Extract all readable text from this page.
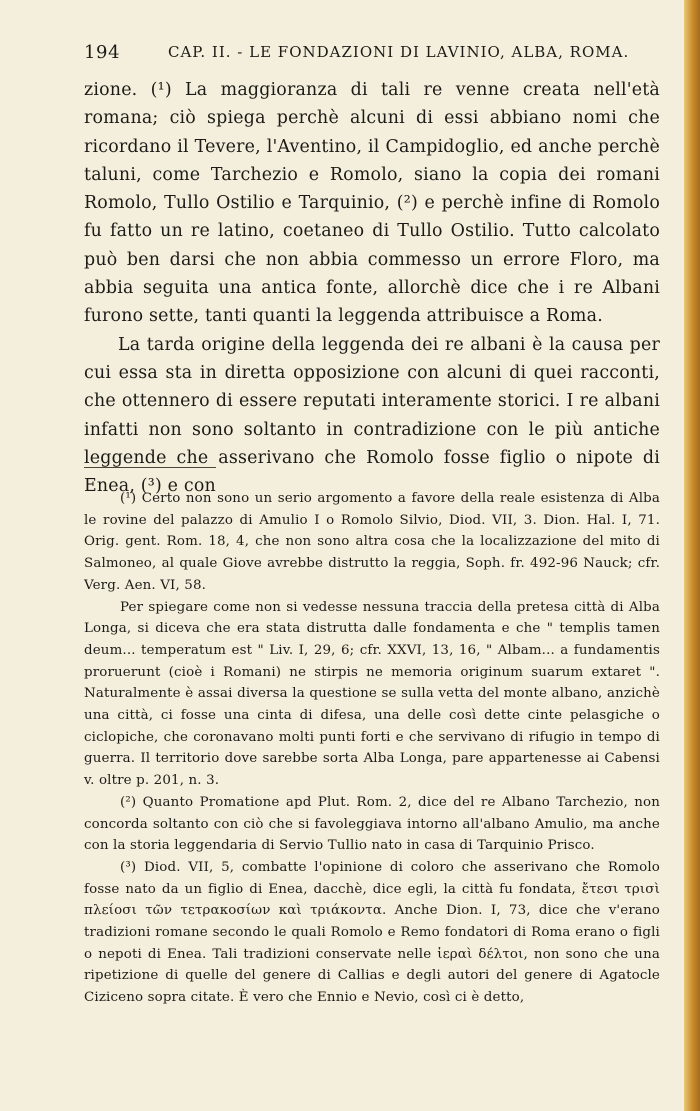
194	CAP. II. - LE FONDAZIONI DI LAVINIO, ALBA, ROMA.

zione. (¹) La maggioranza di tali re venne creata nell'età romana; ciò spiega perchè alcuni di essi abbiano nomi che ricordano il Tevere, l'Aventino, il Campidoglio, ed anche perchè taluni, come Tarchezio e Romolo, siano la copia dei romani Romolo, Tullo Ostilio e Tarquinio, (²) e perchè infine di Romolo fu fatto un re latino, coetaneo di Tullo Ostilio. Tutto calcolato può ben darsi che non abbia commesso un errore Floro, ma abbia seguita una antica fonte, allorchè dice che i re Albani furono sette, tanti quanti la leggenda attribuisce a Roma.

La tarda origine della leggenda dei re albani è la causa per cui essa sta in diretta opposizione con alcuni di quei racconti, che ottennero di essere reputati interamente storici. I re albani infatti non sono soltanto in contradizione con le più antiche leggende che asserivano che Romolo fosse figlio o nipote di Enea, (³) e con

(¹) Certo non sono un serio argomento a favore della reale esistenza di Alba le rovine del palazzo di Amulio I o Romolo Silvio, Diod. VII, 3. Dion. Hal. I, 71. Orig. gent. Rom. 18, 4, che non sono altra cosa che la localizzazione del mito di Salmoneo, al quale Giove avrebbe distrutto la reggia, Soph. fr. 492-96 Nauck; cfr. Verg. Aen. VI, 58.

Per spiegare come non si vedesse nessuna traccia della pretesa città di Alba Longa, si diceva che era stata distrutta dalle fondamenta e che " templis tamen deum... temperatum est " Liv. I, 29, 6; cfr. XXVI, 13, 16, " Albam... a fundamentis proruerunt (cioè i Romani) ne stirpis ne memoria originum suarum extaret ". Naturalmente è assai diversa la questione se sulla vetta del monte albano, anzichè una città, ci fosse una cinta di difesa, una delle così dette cinte pelasgiche o ciclopiche, che coronavano molti punti forti e che servivano di rifugio in tempo di guerra. Il territorio dove sarebbe sorta Alba Longa, pare appartenesse ai Cabensi v. oltre p. 201, n. 3.

(²) Quanto Promatione apd Plut. Rom. 2, dice del re Albano Tarchezio, non concorda soltanto con ciò che si favoleggiava intorno all'albano Amulio, ma anche con la storia leggendaria di Servio Tullio nato in casa di Tarquinio Prisco.

(³) Diod. VII, 5, combatte l'opinione di coloro che asserivano che Romolo fosse nato da un figlio di Enea, dacchè, dice egli, la città fu fondata, ἔτεσι τρισὶ πλείοσι τῶν τετρακοσίων καὶ τριάκοντα. Anche Dion. I, 73, dice che v'erano tradizioni romane secondo le quali Romolo e Remo fondatori di Roma erano o figli o nepoti di Enea. Tali tradizioni conservate nelle ἱεραὶ δέλτοι, non sono che una ripetizione di quelle del genere di Callias e degli autori del genere di Agatocle Ciziceno sopra citate. È vero che Ennio e Nevio, così ci è detto,
